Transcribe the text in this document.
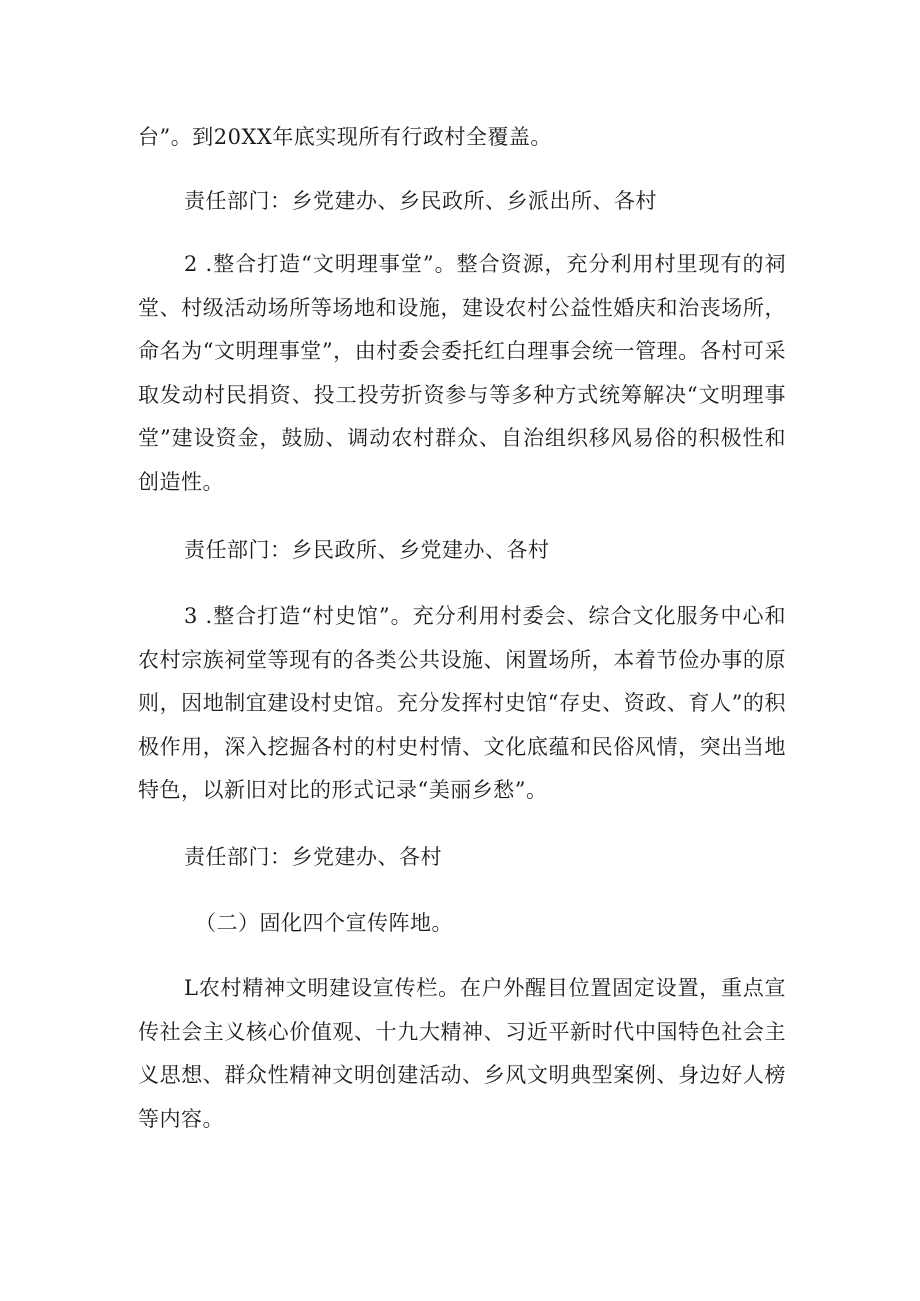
台”。到20XX年底实现所有行政村全覆盖。
责任部门：乡党建办、乡民政所、乡派出所、各村
2 .整合打造“文明理事堂”。整合资源，充分利用村里现有的祠堂、村级活动场所等场地和设施，建设农村公益性婚庆和治丧场所，命名为“文明理事堂”，由村委会委托红白理事会统一管理。各村可采取发动村民捐资、投工投劳折资参与等多种方式统筹解决“文明理事堂”建设资金，鼓励、调动农村群众、自治组织移风易俗的积极性和创造性。
责任部门：乡民政所、乡党建办、各村
3 .整合打造“村史馆”。充分利用村委会、综合文化服务中心和农村宗族祠堂等现有的各类公共设施、闲置场所，本着节俭办事的原则，因地制宜建设村史馆。充分发挥村史馆“存史、资政、育人”的积极作用，深入挖掘各村的村史村情、文化底蕴和民俗风情，突出当地特色，以新旧对比的形式记录“美丽乡愁”。
责任部门：乡党建办、各村
（二）固化四个宣传阵地。
L农村精神文明建设宣传栏。在户外醒目位置固定设置，重点宣传社会主义核心价值观、十九大精神、习近平新时代中国特色社会主义思想、群众性精神文明创建活动、乡风文明典型案例、身边好人榜等内容。
